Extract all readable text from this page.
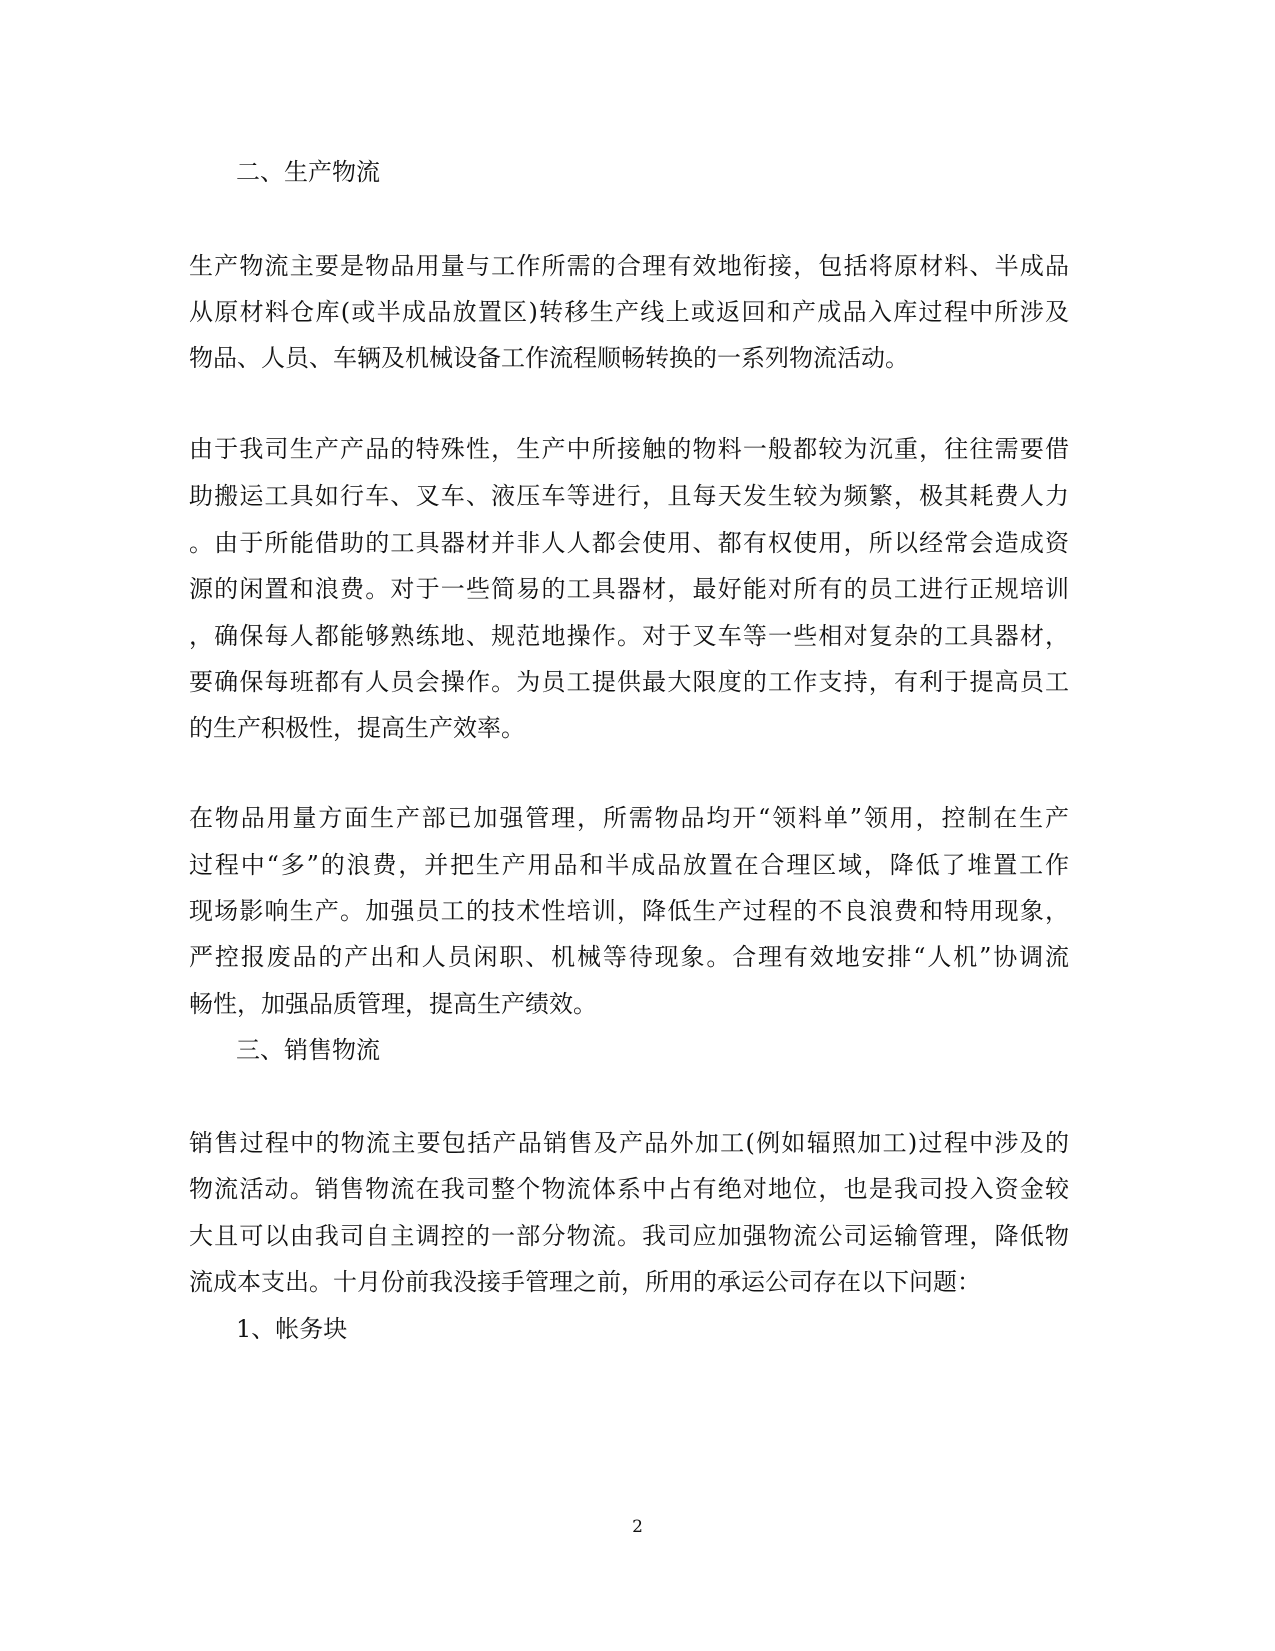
二、生产物流
生产物流主要是物品用量与工作所需的合理有效地衔接，包括将原材料、半成品
从原材料仓库(或半成品放置区)转移生产线上或返回和产成品入库过程中所涉及
物品、人员、车辆及机械设备工作流程顺畅转换的一系列物流活动。
由于我司生产产品的特殊性，生产中所接触的物料一般都较为沉重，往往需要借
助搬运工具如行车、叉车、液压车等进行，且每天发生较为频繁，极其耗费人力
。由于所能借助的工具器材并非人人都会使用、都有权使用，所以经常会造成资
源的闲置和浪费。对于一些简易的工具器材，最好能对所有的员工进行正规培训
，确保每人都能够熟练地、规范地操作。对于叉车等一些相对复杂的工具器材，
要确保每班都有人员会操作。为员工提供最大限度的工作支持，有利于提高员工
的生产积极性，提高生产效率。
在物品用量方面生产部已加强管理，所需物品均开“领料单”领用，控制在生产
过程中“多”的浪费，并把生产用品和半成品放置在合理区域，降低了堆置工作
现场影响生产。加强员工的技术性培训，降低生产过程的不良浪费和特用现象，
严控报废品的产出和人员闲职、机械等待现象。合理有效地安排“人机”协调流
畅性，加强品质管理，提高生产绩效。
三、销售物流
销售过程中的物流主要包括产品销售及产品外加工(例如辐照加工)过程中涉及的
物流活动。销售物流在我司整个物流体系中占有绝对地位，也是我司投入资金较
大且可以由我司自主调控的一部分物流。我司应加强物流公司运输管理，降低物
流成本支出。十月份前我没接手管理之前，所用的承运公司存在以下问题：
1、帐务块
2
